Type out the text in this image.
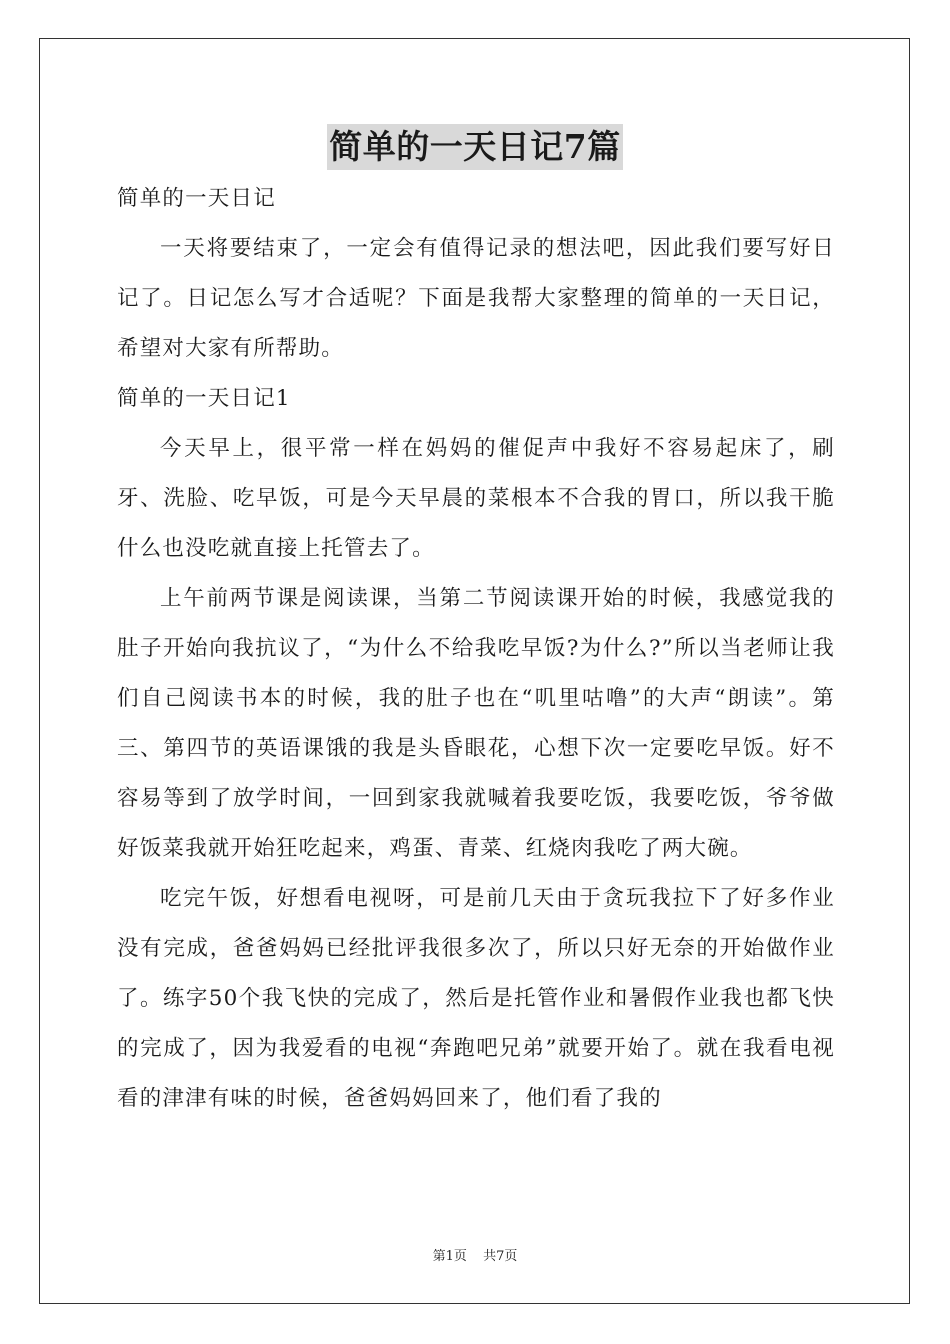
简单的一天日记7篇

简单的一天日记

一天将要结束了，一定会有值得记录的想法吧，因此我们要写好日记了。日记怎么写才合适呢？下面是我帮大家整理的简单的一天日记，希望对大家有所帮助。

简单的一天日记1

今天早上，很平常一样在妈妈的催促声中我好不容易起床了，刷牙、洗脸、吃早饭，可是今天早晨的菜根本不合我的胃口，所以我干脆什么也没吃就直接上托管去了。

上午前两节课是阅读课，当第二节阅读课开始的时候，我感觉我的肚子开始向我抗议了，“为什么不给我吃早饭?为什么?”所以当老师让我们自己阅读书本的时候，我的肚子也在“叽里咕噜”的大声“朗读”。第三、第四节的英语课饿的我是头昏眼花，心想下次一定要吃早饭。好不容易等到了放学时间，一回到家我就喊着我要吃饭，我要吃饭，爷爷做好饭菜我就开始狂吃起来，鸡蛋、青菜、红烧肉我吃了两大碗。

吃完午饭，好想看电视呀，可是前几天由于贪玩我拉下了好多作业没有完成，爸爸妈妈已经批评我很多次了，所以只好无奈的开始做作业了。练字50个我飞快的完成了，然后是托管作业和暑假作业我也都飞快的完成了，因为我爱看的电视“奔跑吧兄弟”就要开始了。就在我看电视看的津津有味的时候，爸爸妈妈回来了，他们看了我的

第1页 共7页
